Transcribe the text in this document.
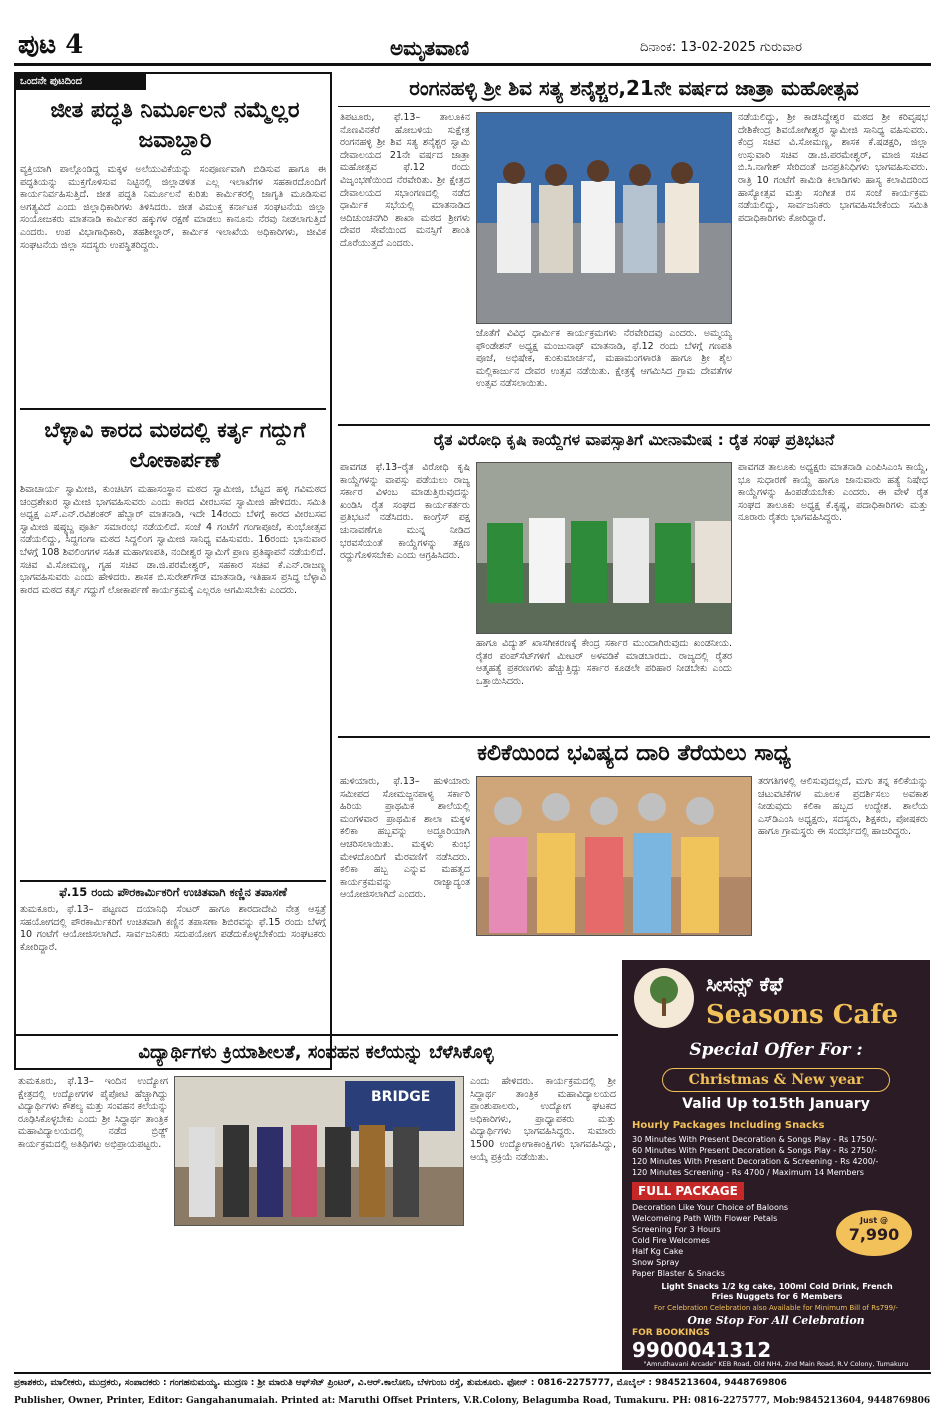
ಪುಟ 4	ಅಮೃತವಾಣಿ	ದಿನಾಂಕ: 13-02-2025 ಗುರುವಾರ
ಒಂದನೇ ಪುಟದಿಂದ
ಜೀತ ಪದ್ಧತಿ ನಿರ್ಮೂಲನೆ ನಮ್ಮೆಲ್ಲರ ಜವಾಬ್ದಾರಿ
ವ್ಯಕ್ತಿಯಾಗಿ ಪಾಲ್ಗೊಂಡಿದ್ದ ಮಕ್ಕಳ ಅಲೆಯುವಿಕೆಯನ್ನು ಸಂಪೂರ್ಣವಾಗಿ ಬಿಡಿಸುವ ಹಾಗೂ ಈ ಪದ್ಧತಿಯನ್ನು ಮುಕ್ತಗೊಳಿಸುವ ನಿಟ್ಟಿನಲ್ಲಿ ಜಿಲ್ಲಾಡಳಿತ ಎಲ್ಲ ಇಲಾಖೆಗಳ ಸಹಕಾರದೊಂದಿಗೆ ಕಾರ್ಯನಿರ್ವಹಿಸುತ್ತಿದೆ. ಜೀತ ಪದ್ಧತಿ ನಿರ್ಮೂಲನೆ ಕುರಿತು ಕಾರ್ಮಿಕರಲ್ಲಿ ಜಾಗೃತಿ ಮೂಡಿಸುವ ಅಗತ್ಯವಿದೆ ಎಂದು ಜಿಲ್ಲಾಧಿಕಾರಿಗಳು ತಿಳಿಸಿದರು. ಜೀತ ವಿಮುಕ್ತ ಕರ್ನಾಟಕ ಸಂಘಟನೆಯ ಜಿಲ್ಲಾ ಸಂಯೋಜಕರು ಮಾತನಾಡಿ ಕಾರ್ಮಿಕರ ಹಕ್ಕುಗಳ ರಕ್ಷಣೆ ಮಾಡಲು ಕಾನೂನು ನೆರವು ನೀಡಲಾಗುತ್ತಿದೆ ಎಂದರು. ಉಪ ವಿಭಾಗಾಧಿಕಾರಿ, ತಹಶೀಲ್ದಾರ್, ಕಾರ್ಮಿಕ ಇಲಾಖೆಯ ಅಧಿಕಾರಿಗಳು, ಜೀವಿಕ ಸಂಘಟನೆಯ ಜಿಲ್ಲಾ ಸದಸ್ಯರು ಉಪಸ್ಥಿತರಿದ್ದರು.
ಬೆಳ್ಳಾವಿ ಕಾರದ ಮಠದಲ್ಲಿ ಕರ್ತೃ ಗದ್ದುಗೆ ಲೋಕಾರ್ಪಣೆ
ಶಿವಾಚಾರ್ಯ ಸ್ವಾಮೀಜಿ, ಕುಂಚಿಟಿಗ ಮಹಾಸಂಸ್ಥಾನ ಮಠದ ಸ್ವಾಮೀಜಿ, ಬೆಟ್ಟದ ಹಳ್ಳಿ ಗವಿಮಠದ ಚಂದ್ರಶೇಖರ ಸ್ವಾಮೀಜಿ ಭಾಗವಹಿಸುವರು ಎಂದು ಕಾರದ ವೀರಬಸವ ಸ್ವಾಮೀಜಿ ಹೇಳಿದರು. ಸಮಿತಿ ಅಧ್ಯಕ್ಷ ಎಸ್.ಎನ್.ರವಿಶಂಕರ್ ಹೆಬ್ಬಾರ್ ಮಾತನಾಡಿ, ಇದೇ 14ರಂದು ಬೆಳಗ್ಗೆ ಕಾರದ ವೀರಬಸವ ಸ್ವಾಮೀಜಿ ಷಷ್ಠ್ಯಬ್ದ ಪೂರ್ತಿ ಸಮಾರಂಭ ನಡೆಯಲಿದೆ. ಸಂಜೆ 4 ಗಂಟೆಗೆ ಗಂಗಾಪೂಜೆ, ಕುಂಭೋತ್ಸವ ನಡೆಯಲಿದ್ದು, ಸಿದ್ದಗಂಗಾ ಮಠದ ಸಿದ್ದಲಿಂಗ ಸ್ವಾಮೀಜಿ ಸಾನಿಧ್ಯ ವಹಿಸುವರು. 16ರಂದು ಭಾನುವಾರ ಬೆಳಗ್ಗೆ 108 ಶಿವಲಿಂಗಗಳ ಸಹಿತ ಮಹಾಗಣಪತಿ, ನಂದೀಶ್ವರ ಸ್ವಾಮಿಗೆ ಪ್ರಾಣ ಪ್ರತಿಷ್ಠಾಪನೆ ನಡೆಯಲಿದೆ. ಸಚಿವ ವಿ.ಸೋಮಣ್ಣ, ಗೃಹ ಸಚಿವ ಡಾ.ಜಿ.ಪರಮೇಶ್ವರ್, ಸಹಕಾರ ಸಚಿವ ಕೆ.ಎನ್.ರಾಜಣ್ಣ ಭಾಗವಹಿಸುವರು ಎಂದು ಹೇಳಿದರು. ಶಾಸಕ ಬಿ.ಸುರೇಶ್‌ಗೌಡ ಮಾತನಾಡಿ, ಇತಿಹಾಸ ಪ್ರಸಿದ್ಧ ಬೆಳ್ಳಾವಿ ಕಾರದ ಮಠದ ಕರ್ತೃ ಗದ್ದುಗೆ ಲೋಕಾರ್ಪಣೆ ಕಾರ್ಯಕ್ರಮಕ್ಕೆ ಎಲ್ಲರೂ ಆಗಮಿಸಬೇಕು ಎಂದರು.
ಫೆ.15 ರಂದು ಪೌರಕಾರ್ಮಿಕರಿಗೆ ಉಚಿತವಾಗಿ ಕಣ್ಣಿನ ತಪಾಸಣೆ
ತುಮಕೂರು, ಫೆ.13– ಪಟ್ಟಣದ ದಯಾನಿಧಿ ಸೆಂಟರ್ ಹಾಗೂ ಶಾರದಾದೇವಿ ನೇತ್ರ ಆಸ್ಪತ್ರೆ ಸಹಯೋಗದಲ್ಲಿ ಪೌರಕಾರ್ಮಿಕರಿಗೆ ಉಚಿತವಾಗಿ ಕಣ್ಣಿನ ತಪಾಸಣಾ ಶಿಬಿರವನ್ನು ಫೆ.15 ರಂದು ಬೆಳಗ್ಗೆ 10 ಗಂಟೆಗೆ ಆಯೋಜಿಸಲಾಗಿದೆ. ಸಾರ್ವಜನಿಕರು ಸದುಪಯೋಗ ಪಡೆದುಕೊಳ್ಳಬೇಕೆಂದು ಸಂಘಟಕರು ಕೋರಿದ್ದಾರೆ.
ರಂಗನಹಳ್ಳಿ ಶ್ರೀ ಶಿವ ಸತ್ಯ ಶನೈಶ್ಚರ,21ನೇ ವರ್ಷದ ಜಾತ್ರಾ ಮಹೋತ್ಸವ
ತಿಪಟೂರು, ಫೆ.13– ತಾಲೂಕಿನ ನೊಣವಿನಕೆರೆ ಹೋಬಳಿಯ ಸುಕ್ಷೇತ್ರ ರಂಗನಹಳ್ಳಿ ಶ್ರೀ ಶಿವ ಸತ್ಯ ಶನೈಶ್ಚರ ಸ್ವಾಮಿ ದೇವಾಲಯದ 21ನೇ ವರ್ಷದ ಜಾತ್ರಾ ಮಹೋತ್ಸವ ಫೆ.12 ರಂದು ವಿಜೃಂಭಣೆಯಿಂದ ನೆರವೇರಿತು. ಶ್ರೀ ಕ್ಷೇತ್ರದ ದೇವಾಲಯದ ಸಭಾಂಗಣದಲ್ಲಿ ನಡೆದ ಧಾರ್ಮಿಕ ಸಭೆಯಲ್ಲಿ ಮಾತನಾಡಿದ ಆದಿಚುಂಚನಗಿರಿ ಶಾಖಾ ಮಠದ ಶ್ರೀಗಳು ದೇವರ ಸೇವೆಯಿಂದ ಮನಸ್ಸಿಗೆ ಶಾಂತಿ ದೊರೆಯುತ್ತದೆ ಎಂದರು.
ಜೊತೆಗೆ ವಿವಿಧ ಧಾರ್ಮಿಕ ಕಾರ್ಯಕ್ರಮಗಳು ನೆರವೇರಿದವು ಎಂದರು. ಅಮ್ಮಯ್ಯ ಫೌಂಡೇಶನ್ ಅಧ್ಯಕ್ಷ ಮಂಜುನಾಥ್ ಮಾತನಾಡಿ, ಫೆ.12 ರಂದು ಬೆಳಗ್ಗೆ ಗಣಪತಿ ಪೂಜೆ, ಅಭಿಷೇಕ, ಕುಂಕುಮಾರ್ಚನೆ, ಮಹಾಮಂಗಳಾರತಿ ಹಾಗೂ ಶ್ರೀ ಶೈಲ ಮಲ್ಲಿಕಾರ್ಜುನ ದೇವರ ಉತ್ಸವ ನಡೆಯಿತು. ಕ್ಷೇತ್ರಕ್ಕೆ ಆಗಮಿಸಿದ ಗ್ರಾಮ ದೇವತೆಗಳ ಉತ್ಸವ ನಡೆಸಲಾಯಿತು.
ನಡೆಯಲಿದ್ದು, ಶ್ರೀ ಕಾಡಸಿದ್ದೇಶ್ವರ ಮಠದ ಶ್ರೀ ಕರಿವೃಷಭ ದೇಶಿಕೇಂದ್ರ ಶಿವಯೋಗೀಶ್ವರ ಸ್ವಾಮೀಜಿ ಸಾನಿಧ್ಯ ವಹಿಸುವರು. ಕೆಂದ್ರ ಸಚಿವ ವಿ.ಸೋಮಣ್ಣ, ಶಾಸಕ ಕೆ.ಷಡಕ್ಷರಿ, ಜಿಲ್ಲಾ ಉಸ್ತುವಾರಿ ಸಚಿವ ಡಾ.ಜಿ.ಪರಮೇಶ್ವರ್, ಮಾಜಿ ಸಚಿವ ಬಿ.ಸಿ.ನಾಗೇಶ್ ಸೇರಿದಂತೆ ಜನಪ್ರತಿನಿಧಿಗಳು ಭಾಗವಹಿಸುವರು. ರಾತ್ರಿ 10 ಗಂಟೆಗೆ ಕಾಮಿಡಿ ಕಿಲಾಡಿಗಳು ಹಾಸ್ಯ ಕಲಾವಿದರಿಂದ ಹಾಸ್ಯೋತ್ಸವ ಮತ್ತು ಸಂಗೀತ ರಸ ಸಂಜೆ ಕಾರ್ಯಕ್ರಮ ನಡೆಯಲಿದ್ದು, ಸಾರ್ವಜನಿಕರು ಭಾಗವಹಿಸಬೇಕೆಂದು ಸಮಿತಿ ಪದಾಧಿಕಾರಿಗಳು ಕೋರಿದ್ದಾರೆ.
ರೈತ ವಿರೋಧಿ ಕೃಷಿ ಕಾಯ್ದೆಗಳ ವಾಪಸ್ಸಾತಿಗೆ ಮೀನಾಮೇಷ : ರೈತ ಸಂಘ ಪ್ರತಿಭಟನೆ
ಪಾವಗಡ ಫೆ.13–ರೈತ ವಿರೋಧಿ ಕೃಷಿ ಕಾಯ್ದೆಗಳನ್ನು ವಾಪಸ್ಸು ಪಡೆಯಲು ರಾಜ್ಯ ಸರ್ಕಾರ ವಿಳಂಬ ಮಾಡುತ್ತಿರುವುದನ್ನು ಖಂಡಿಸಿ ರೈತ ಸಂಘದ ಕಾರ್ಯಕರ್ತರು ಪ್ರತಿಭಟನೆ ನಡೆಸಿದರು. ಕಾಂಗ್ರೆಸ್ ಪಕ್ಷ ಚುನಾವಣೆಗೂ ಮುನ್ನ ನೀಡಿದ ಭರವಸೆಯಂತೆ ಕಾಯ್ದೆಗಳನ್ನು ತಕ್ಷಣ ರದ್ದುಗೊಳಿಸಬೇಕು ಎಂದು ಆಗ್ರಹಿಸಿದರು.
ಹಾಗೂ ವಿದ್ಯುತ್ ಖಾಸಗೀಕರಣಕ್ಕೆ ಕೇಂದ್ರ ಸರ್ಕಾರ ಮುಂದಾಗಿರುವುದು ಖಂಡನೀಯ. ರೈತರ ಪಂಪ್‌ಸೆಟ್‌ಗಳಿಗೆ ಮೀಟರ್ ಅಳವಡಿಕೆ ಮಾಡಬಾರದು. ರಾಜ್ಯದಲ್ಲಿ ರೈತರ ಆತ್ಮಹತ್ಯೆ ಪ್ರಕರಣಗಳು ಹೆಚ್ಚುತ್ತಿದ್ದು ಸರ್ಕಾರ ಕೂಡಲೇ ಪರಿಹಾರ ನೀಡಬೇಕು ಎಂದು ಒತ್ತಾಯಿಸಿದರು.
ಪಾವಗಡ ತಾಲೂಕು ಅಧ್ಯಕ್ಷರು ಮಾತನಾಡಿ ಎಂಪಿಸಿಎಂಸಿ ಕಾಯ್ದೆ, ಭೂ ಸುಧಾರಣೆ ಕಾಯ್ದೆ ಹಾಗೂ ಜಾನುವಾರು ಹತ್ಯೆ ನಿಷೇಧ ಕಾಯ್ದೆಗಳನ್ನು ಹಿಂಪಡೆಯಬೇಕು ಎಂದರು. ಈ ವೇಳೆ ರೈತ ಸಂಘದ ತಾಲೂಕು ಅಧ್ಯಕ್ಷ ಕೆ.ಕೃಷ್ಣ, ಪದಾಧಿಕಾರಿಗಳು ಮತ್ತು ನೂರಾರು ರೈತರು ಭಾಗವಹಿಸಿದ್ದರು.
ಕಲಿಕೆಯಿಂದ ಭವಿಷ್ಯದ ದಾರಿ ತೆರೆಯಲು ಸಾಧ್ಯ
ಹುಳಿಯಾರು, ಫೆ.13– ಹುಳಿಯಾರು ಸಮೀಪದ ಸೋಮಜ್ಜನಪಾಳ್ಯ ಸರ್ಕಾರಿ ಹಿರಿಯ ಪ್ರಾಥಮಿಕ ಶಾಲೆಯಲ್ಲಿ ಮಂಗಳವಾರ ಪ್ರಾಥಮಿಕ ಶಾಲಾ ಮಕ್ಕಳ ಕಲಿಕಾ ಹಬ್ಬವನ್ನು ಅದ್ಧೂರಿಯಾಗಿ ಆಚರಿಸಲಾಯಿತು. ಮಕ್ಕಳು ಕುಂಭ ಮೇಳದೊಂದಿಗೆ ಮೆರವಣಿಗೆ ನಡೆಸಿದರು. ಕಲಿಕಾ ಹಬ್ಬ ಎನ್ನುವ ಮಹತ್ವದ ಕಾರ್ಯಕ್ರಮವನ್ನು ರಾಜ್ಯಾದ್ಯಂತ ಆಯೋಜಿಸಲಾಗಿದೆ ಎಂದರು.
ತರಗತಿಗಳಲ್ಲಿ ಆಲಿಸುವುದಲ್ಲದೆ, ಮಗು ತನ್ನ ಕಲಿಕೆಯನ್ನು ಚಟುವಟಿಕೆಗಳ ಮೂಲಕ ಪ್ರದರ್ಶಿಸಲು ಅವಕಾಶ ನೀಡುವುದು ಕಲಿಕಾ ಹಬ್ಬದ ಉದ್ದೇಶ. ಶಾಲೆಯ ಎಸ್‌ಡಿಎಂಸಿ ಅಧ್ಯಕ್ಷರು, ಸದಸ್ಯರು, ಶಿಕ್ಷಕರು, ಪೋಷಕರು ಹಾಗೂ ಗ್ರಾಮಸ್ಥರು ಈ ಸಂದರ್ಭದಲ್ಲಿ ಹಾಜರಿದ್ದರು.
ವಿದ್ಯಾರ್ಥಿಗಳು ಕ್ರಿಯಾಶೀಲತೆ, ಸಂವಹನ ಕಲೆಯನ್ನು ಬೆಳೆಸಿಕೊಳ್ಳಿ
ತುಮಕೂರು, ಫೆ.13– ಇಂದಿನ ಉದ್ಯೋಗ ಕ್ಷೇತ್ರದಲ್ಲಿ ಉದ್ಯೋಗಗಳ ಪೈಪೋಟಿ ಹೆಚ್ಚಾಗಿದ್ದು ವಿದ್ಯಾರ್ಥಿಗಳು ಕೌಶಲ್ಯ ಮತ್ತು ಸಂವಹನ ಕಲೆಯನ್ನು ರೂಢಿಸಿಕೊಳ್ಳಬೇಕು ಎಂದು ಶ್ರೀ ಸಿದ್ಧಾರ್ಥ ತಾಂತ್ರಿಕ ಮಹಾವಿದ್ಯಾಲಯದಲ್ಲಿ ನಡೆದ ಬ್ರಿಡ್ಜ್ ಕಾರ್ಯಕ್ರಮದಲ್ಲಿ ಅತಿಥಿಗಳು ಅಭಿಪ್ರಾಯಪಟ್ಟರು.
BRIDGE
ಎಂದು ಹೇಳಿದರು. ಕಾರ್ಯಕ್ರಮದಲ್ಲಿ ಶ್ರೀ ಸಿದ್ಧಾರ್ಥ ತಾಂತ್ರಿಕ ಮಹಾವಿದ್ಯಾಲಯದ ಪ್ರಾಂಶುಪಾಲರು, ಉದ್ಯೋಗ ಘಟಕದ ಅಧಿಕಾರಿಗಳು, ಪ್ರಾಧ್ಯಾಪಕರು ಮತ್ತು ವಿದ್ಯಾರ್ಥಿಗಳು ಭಾಗವಹಿಸಿದ್ದರು. ಸುಮಾರು 1500 ಉದ್ಯೋಗಾಕಾಂಕ್ಷಿಗಳು ಭಾಗವಹಿಸಿದ್ದು, ಆಯ್ಕೆ ಪ್ರಕ್ರಿಯೆ ನಡೆಯಿತು.
ಸೀಸನ್ಸ್ ಕೆಫೆ
Seasons Cafe
Special Offer For :
Christmas & New year
Valid Up to15th January
Hourly Packages Including Snacks
30 Minutes With Present Decoration & Songs Play - Rs 1750/-
60 Minutes With Present Decoration & Songs Play - Rs 2750/-
120 Minutes With Present Decoration & Screening - Rs 4200/-
120 Minutes Screening - Rs 4700 / Maximum 14 Members
FULL PACKAGE
Decoration Like Your Choice of Baloons
Welcomeing Path With Flower Petals
Screening For 3 Hours
Cold Fire Welcomes
Half Kg Cake
Snow Spray
Paper Blaster & Snacks
Just @
7,990
Light Snacks 1/2 kg cake, 100ml Cold Drink, French Fries Nuggets for 6 Members
For Celebration Celebration also Available for Minimum Bill of Rs799/-
One Stop For All Celebration
FOR BOOKINGS
9900041312
"Amruthavani Arcade" KEB Road, Old NH4, 2nd Main Road, R.V Colony, Tumakuru
ಪ್ರಕಾಶಕರು, ಮಾಲೀಕರು, ಮುದ್ರಕರು, ಸಂಪಾದಕರು : ಗಂಗಹನುಮಯ್ಯ. ಮುದ್ರಣ : ಶ್ರೀ ಮಾರುತಿ ಆಫ್‌ಸೆಟ್ ಪ್ರಿಂಟರ್, ವಿ.ಆರ್.ಕಾಲೋನಿ, ಬೆಳಗುಂಬ ರಸ್ತೆ, ತುಮಕೂರು. ಫೋನ್ : 0816-2275777, ಮೊಬೈಲ್ : 9845213604, 9448769806
Publisher, Owner, Printer, Editor: Gangahanumaiah. Printed at: Maruthi Offset Printers, V.R.Colony, Belagumba Road, Tumakuru. PH: 0816-2275777, Mob:9845213604, 9448769806
